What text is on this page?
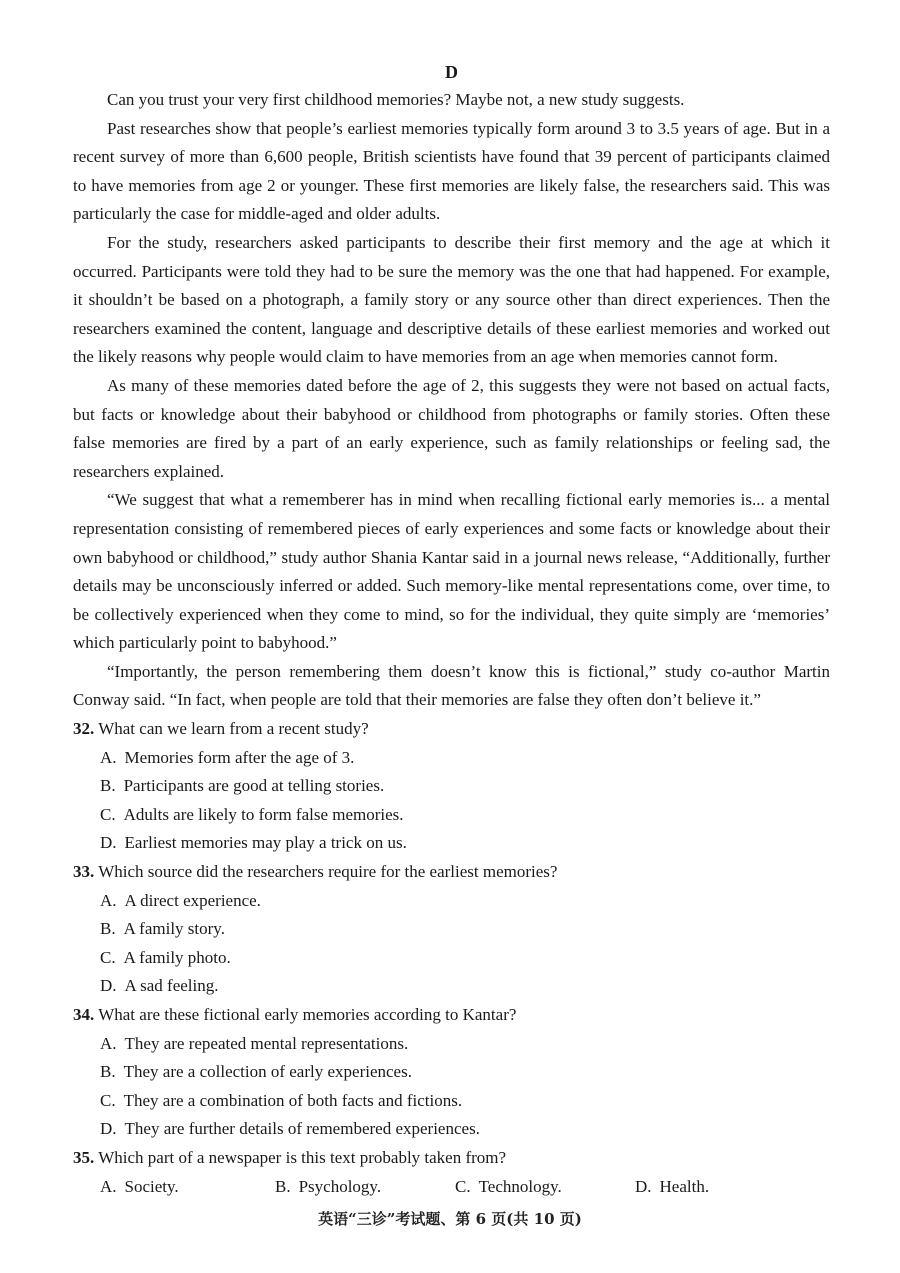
D

Can you trust your very first childhood memories? Maybe not, a new study suggests.

Past researches show that people’s earliest memories typically form around 3 to 3.5 years of age. But in a recent survey of more than 6,600 people, British scientists have found that 39 percent of participants claimed to have memories from age 2 or younger. These first memories are likely false, the researchers said. This was particularly the case for middle-aged and older adults.

For the study, researchers asked participants to describe their first memory and the age at which it occurred. Participants were told they had to be sure the memory was the one that had happened. For example, it shouldn’t be based on a photograph, a family story or any source other than direct experiences. Then the researchers examined the content, language and descriptive details of these earliest memories and worked out the likely reasons why people would claim to have memories from an age when memories cannot form.

As many of these memories dated before the age of 2, this suggests they were not based on actual facts, but facts or knowledge about their babyhood or childhood from photographs or family stories. Often these false memories are fired by a part of an early experience, such as family relationships or feeling sad, the researchers explained.

“We suggest that what a rememberer has in mind when recalling fictional early memories is... a mental representation consisting of remembered pieces of early experiences and some facts or knowledge about their own babyhood or childhood,” study author Shania Kantar said in a journal news release, “Additionally, further details may be unconsciously inferred or added. Such memory-like mental representations come, over time, to be collectively experienced when they come to mind, so for the individual, they quite simply are ‘memories’ which particularly point to babyhood.”

“Importantly, the person remembering them doesn’t know this is fictional,” study co-author Martin Conway said. “In fact, when people are told that their memories are false they often don’t believe it.”

32. What can we learn from a recent study?

A. Memories form after the age of 3.
B. Participants are good at telling stories.
C. Adults are likely to form false memories.
D. Earliest memories may play a trick on us.

33. Which source did the researchers require for the earliest memories?

A. A direct experience.
B. A family story.
C. A family photo.
D. A sad feeling.

34. What are these fictional early memories according to Kantar?

A. They are repeated mental representations.
B. They are a collection of early experiences.
C. They are a combination of both facts and fictions.
D. They are further details of remembered experiences.

35. Which part of a newspaper is this text probably taken from?

A. Society.	B. Psychology.	C. Technology.	D. Health.
英语“三诊”考试题、第 6 页(共 10 页)
